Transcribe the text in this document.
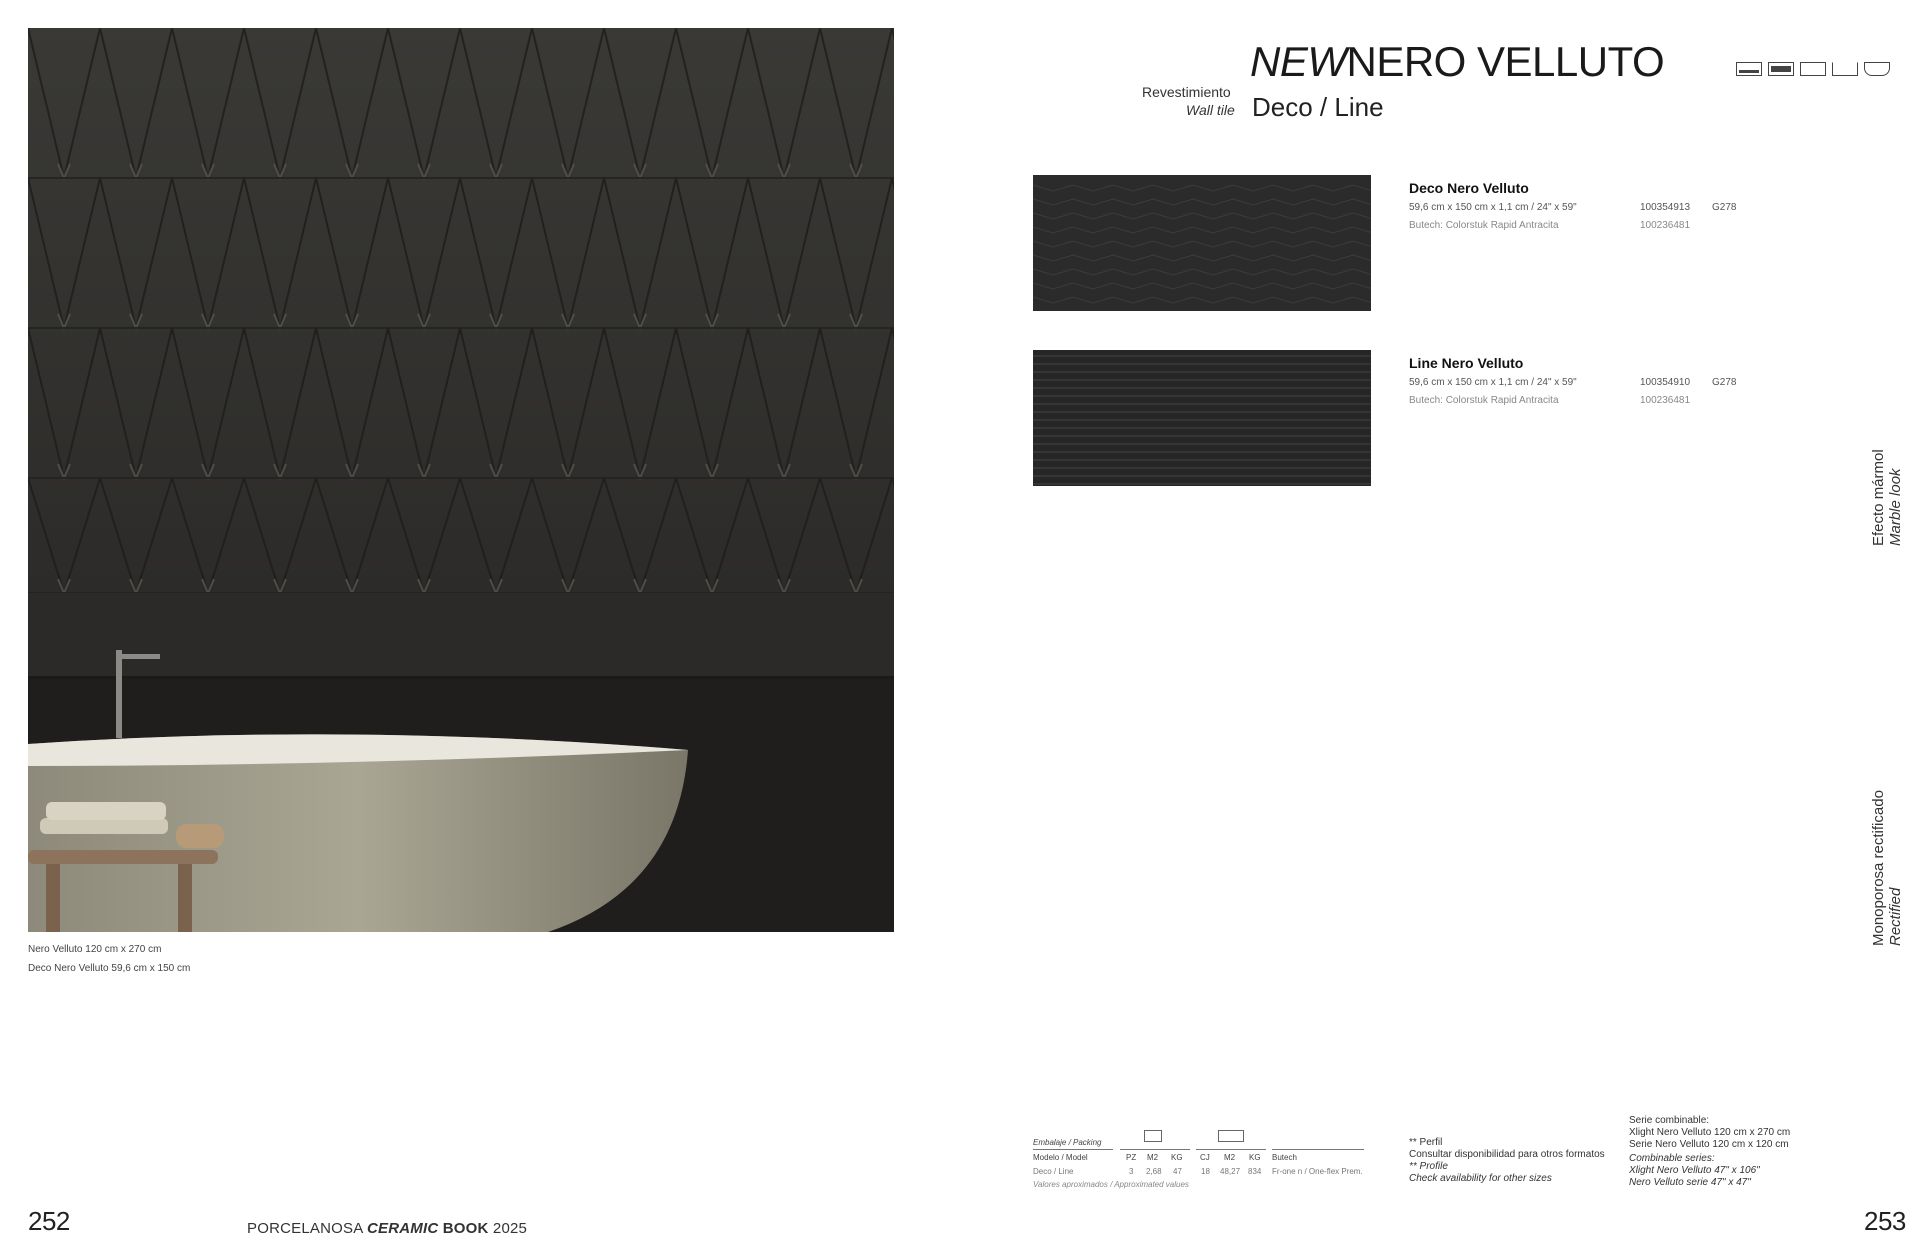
Nero Velluto 120 cm x 270 cm
Deco Nero Velluto 59,6 cm x 150 cm
252	PORCELANOSA CERAMIC BOOK 2025
NEWNERO VELLUTO
Revestimiento
Wall tile Deco / Line
Deco Nero Velluto
59,6 cm x 150 cm x 1,1 cm / 24" x 59"
Butech: Colorstuk Rapid Antracita
100354913 G278
100236481
Line Nero Velluto
59,6 cm x 150 cm x 1,1 cm / 24" x 59"
Butech: Colorstuk Rapid Antracita
100354910 G278
100236481
Efecto mármol Marble look
Monoporosa rectificado Rectified
Embalaje / Packing
Modelo / Model	PZ M2 KG CJ M2 KG Butech
Deco / Line	3 2,68 47 18 48,27 834 Fr-one n / One-flex Prem.
Valores aproximados / Approximated values
** Perfil
Consultar disponibilidad para otros formatos
** Profile
Check availability for other sizes
Serie combinable:
Xlight Nero Velluto 120 cm x 270 cm
Serie Nero Velluto 120 cm x 120 cm
Combinable series:
Xlight Nero Velluto 47" x 106"
Nero Velluto serie 47" x 47"
253
